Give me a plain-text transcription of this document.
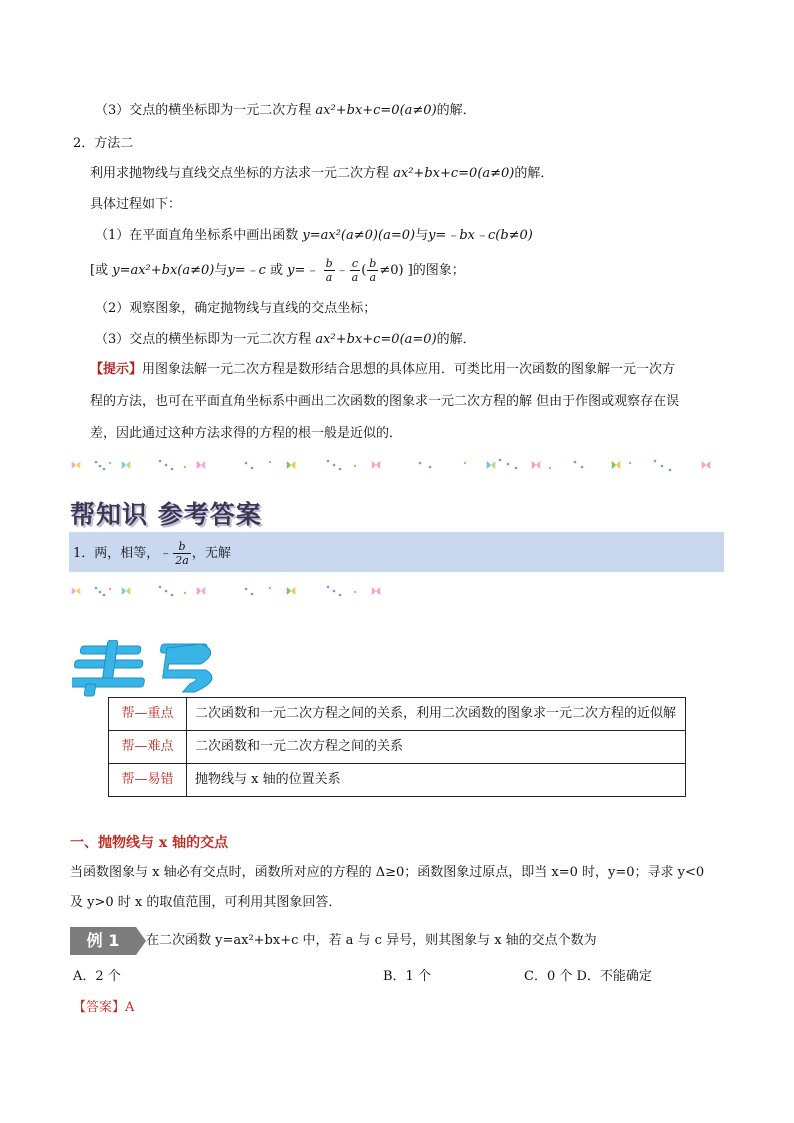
（3）交点的横坐标即为一元二次方程 ax²+bx+c=0(a≠0)的解．
2．方法二
利用求抛物线与直线交点坐标的方法求一元二次方程 ax²+bx+c=0(a≠0)的解．
具体过程如下：
（1）在平面直角坐标系中画出函数 y=ax²(a≠0)(a=0)与y=﹣bx﹣c(b≠0)
[或 y=ax²+bx(a≠0)与y=﹣c 或 y=﹣ $\frac{b}{a}$ ﹣ $\frac{c}{a}$ ( $\frac{b}{a} \ne 0$) ]的图象；
（2）观察图象，确定抛物线与直线的交点坐标；
（3）交点的横坐标即为一元二次方程 ax²+bx+c=0(a=0)的解．
【提示】用图象法解一元二次方程是数形结合思想的具体应用．可类比用一次函数的图象解一元一次方
程的方法，也可在平面直角坐标系中画出二次函数的图象求一元二次方程的解 但由于作图或观察存在误
差，因此通过这种方法求得的方程的根一般是近似的．
帮知识 参考答案
1．两，相等，﹣ $\frac{b}{2a}$ ，无解
帮—重点	二次函数和一元二次方程之间的关系，利用二次函数的图象求一元二次方程的近似解
帮—难点	二次函数和一元二次方程之间的关系
帮—易错	抛物线与 x 轴的位置关系
一、抛物线与 x 轴的交点
当函数图象与 x 轴必有交点时，函数所对应的方程的 Δ≥0；函数图象过原点，即当 x=0 时，y=0；寻求 y<0
及 y>0 时 x 的取值范围，可利用其图象回答．
例 1	在二次函数 y=ax²+bx+c 中，若 a 与 c 异号，则其图象与 x 轴的交点个数为
A．2 个	B．1 个	C．0 个 D．不能确定
【答案】A
